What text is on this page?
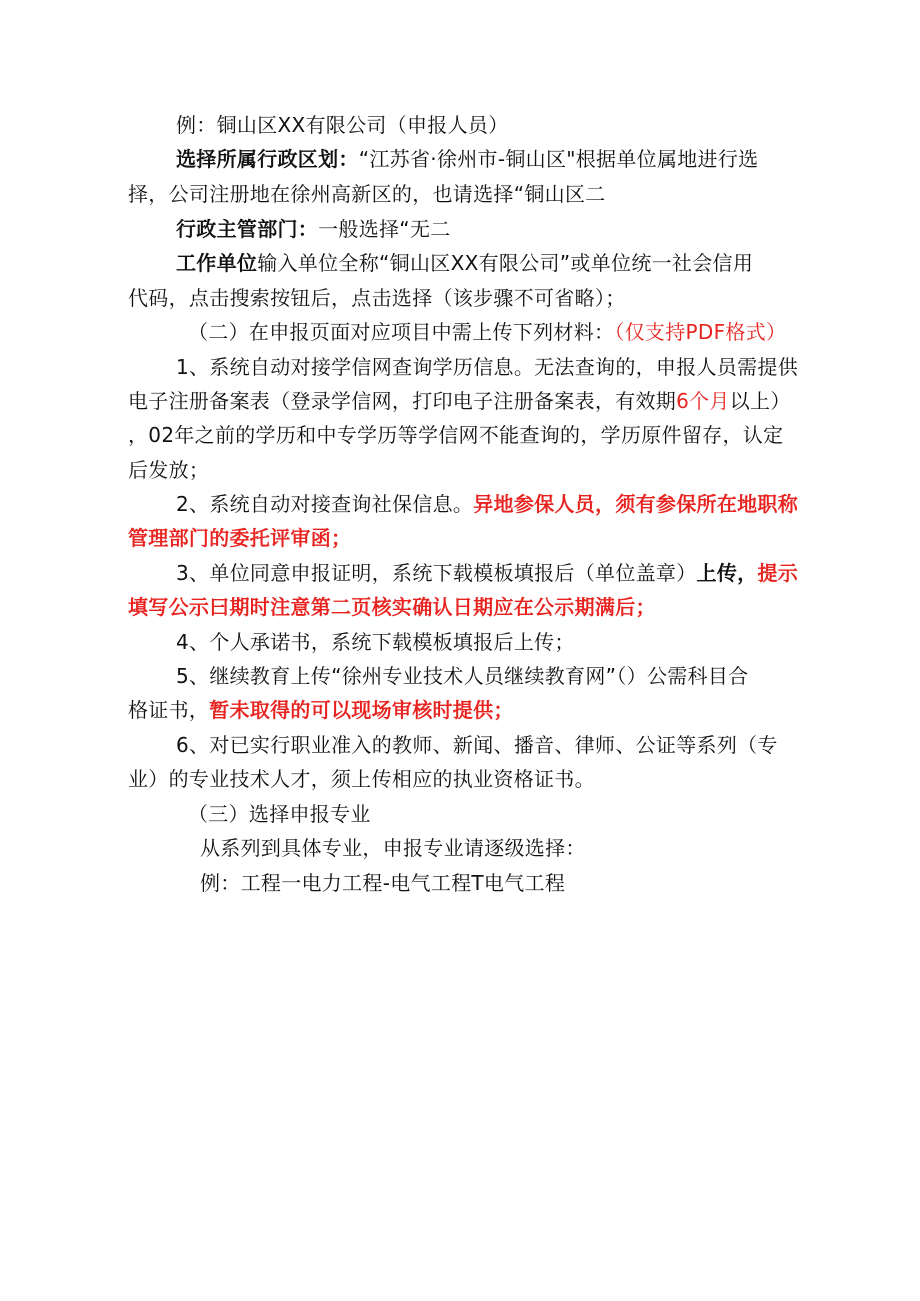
例：铜山区XX有限公司（申报人员）
选择所属行政区划：“江苏省·徐州市-铜山区"根据单位属地进行选
择，公司注册地在徐州高新区的，也请选择“铜山区二
行政主管部门：一般选择“无二
工作单位输入单位全称“铜山区XX有限公司”或单位统一社会信用
代码，点击搜索按钮后，点击选择（该步骤不可省略）；
（二）在申报页面对应项目中需上传下列材料：（仅支持PDF格式）
1、系统自动对接学信网查询学历信息。无法查询的，申报人员需提供
电子注册备案表（登录学信网，打印电子注册备案表，有效期6个月以上）
，02年之前的学历和中专学历等学信网不能查询的，学历原件留存，认定
后发放；
2、系统自动对接查询社保信息。异地参保人员，须有参保所在地职称
管理部门的委托评审函；
3、单位同意申报证明，系统下载模板填报后（单位盖章）上传，提示
填写公示曰期时注意第二页核实确认日期应在公示期满后；
4、个人承诺书，系统下载模板填报后上传；
5、继续教育上传“徐州专业技术人员继续教育网”（）公需科目合
格证书，暂未取得的可以现场审核时提供；
6、对已实行职业准入的教师、新闻、播音、律师、公证等系列（专
业）的专业技术人才，须上传相应的执业资格证书。
（三）选择申报专业
从系列到具体专业，申报专业请逐级选择：
例：工程一电力工程-电气工程T电气工程
